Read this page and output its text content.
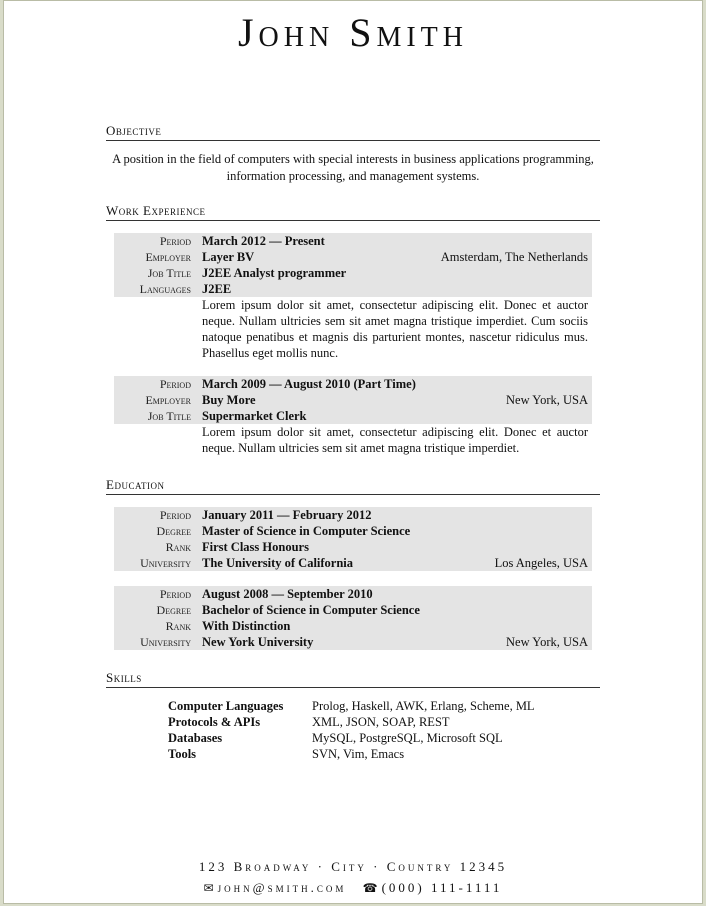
John Smith
Objective
A position in the field of computers with special interests in business applications programming, information processing, and management systems.
Work Experience
Period March 2012 — Present
Employer Layer BV	Amsterdam, The Netherlands
Job Title J2EE Analyst programmer
Languages J2EE
Lorem ipsum dolor sit amet, consectetur adipiscing elit. Donec et auctor neque. Nullam ultricies sem sit amet magna tristique imperdiet. Cum sociis natoque penatibus et magnis dis parturient montes, nascetur ridiculus mus. Phasellus eget mollis nunc.
Period March 2009 — August 2010 (Part Time)
Employer Buy More	New York, USA
Job Title Supermarket Clerk
Lorem ipsum dolor sit amet, consectetur adipiscing elit. Donec et auctor neque. Nullam ultricies sem sit amet magna tristique imperdiet.
Education
Period January 2011 — February 2012
Degree Master of Science in Computer Science
Rank First Class Honours
University The University of California	Los Angeles, USA
Period August 2008 — September 2010
Degree Bachelor of Science in Computer Science
Rank With Distinction
University New York University	New York, USA
Skills
Computer Languages Prolog, Haskell, AWK, Erlang, Scheme, ML
Protocols & APIs	XML, JSON, SOAP, REST
Databases	MySQL, PostgreSQL, Microsoft SQL
Tools	SVN, Vim, Emacs
123 Broadway · City · Country 12345
✉ john@smith.com ☎ (000) 111-1111
